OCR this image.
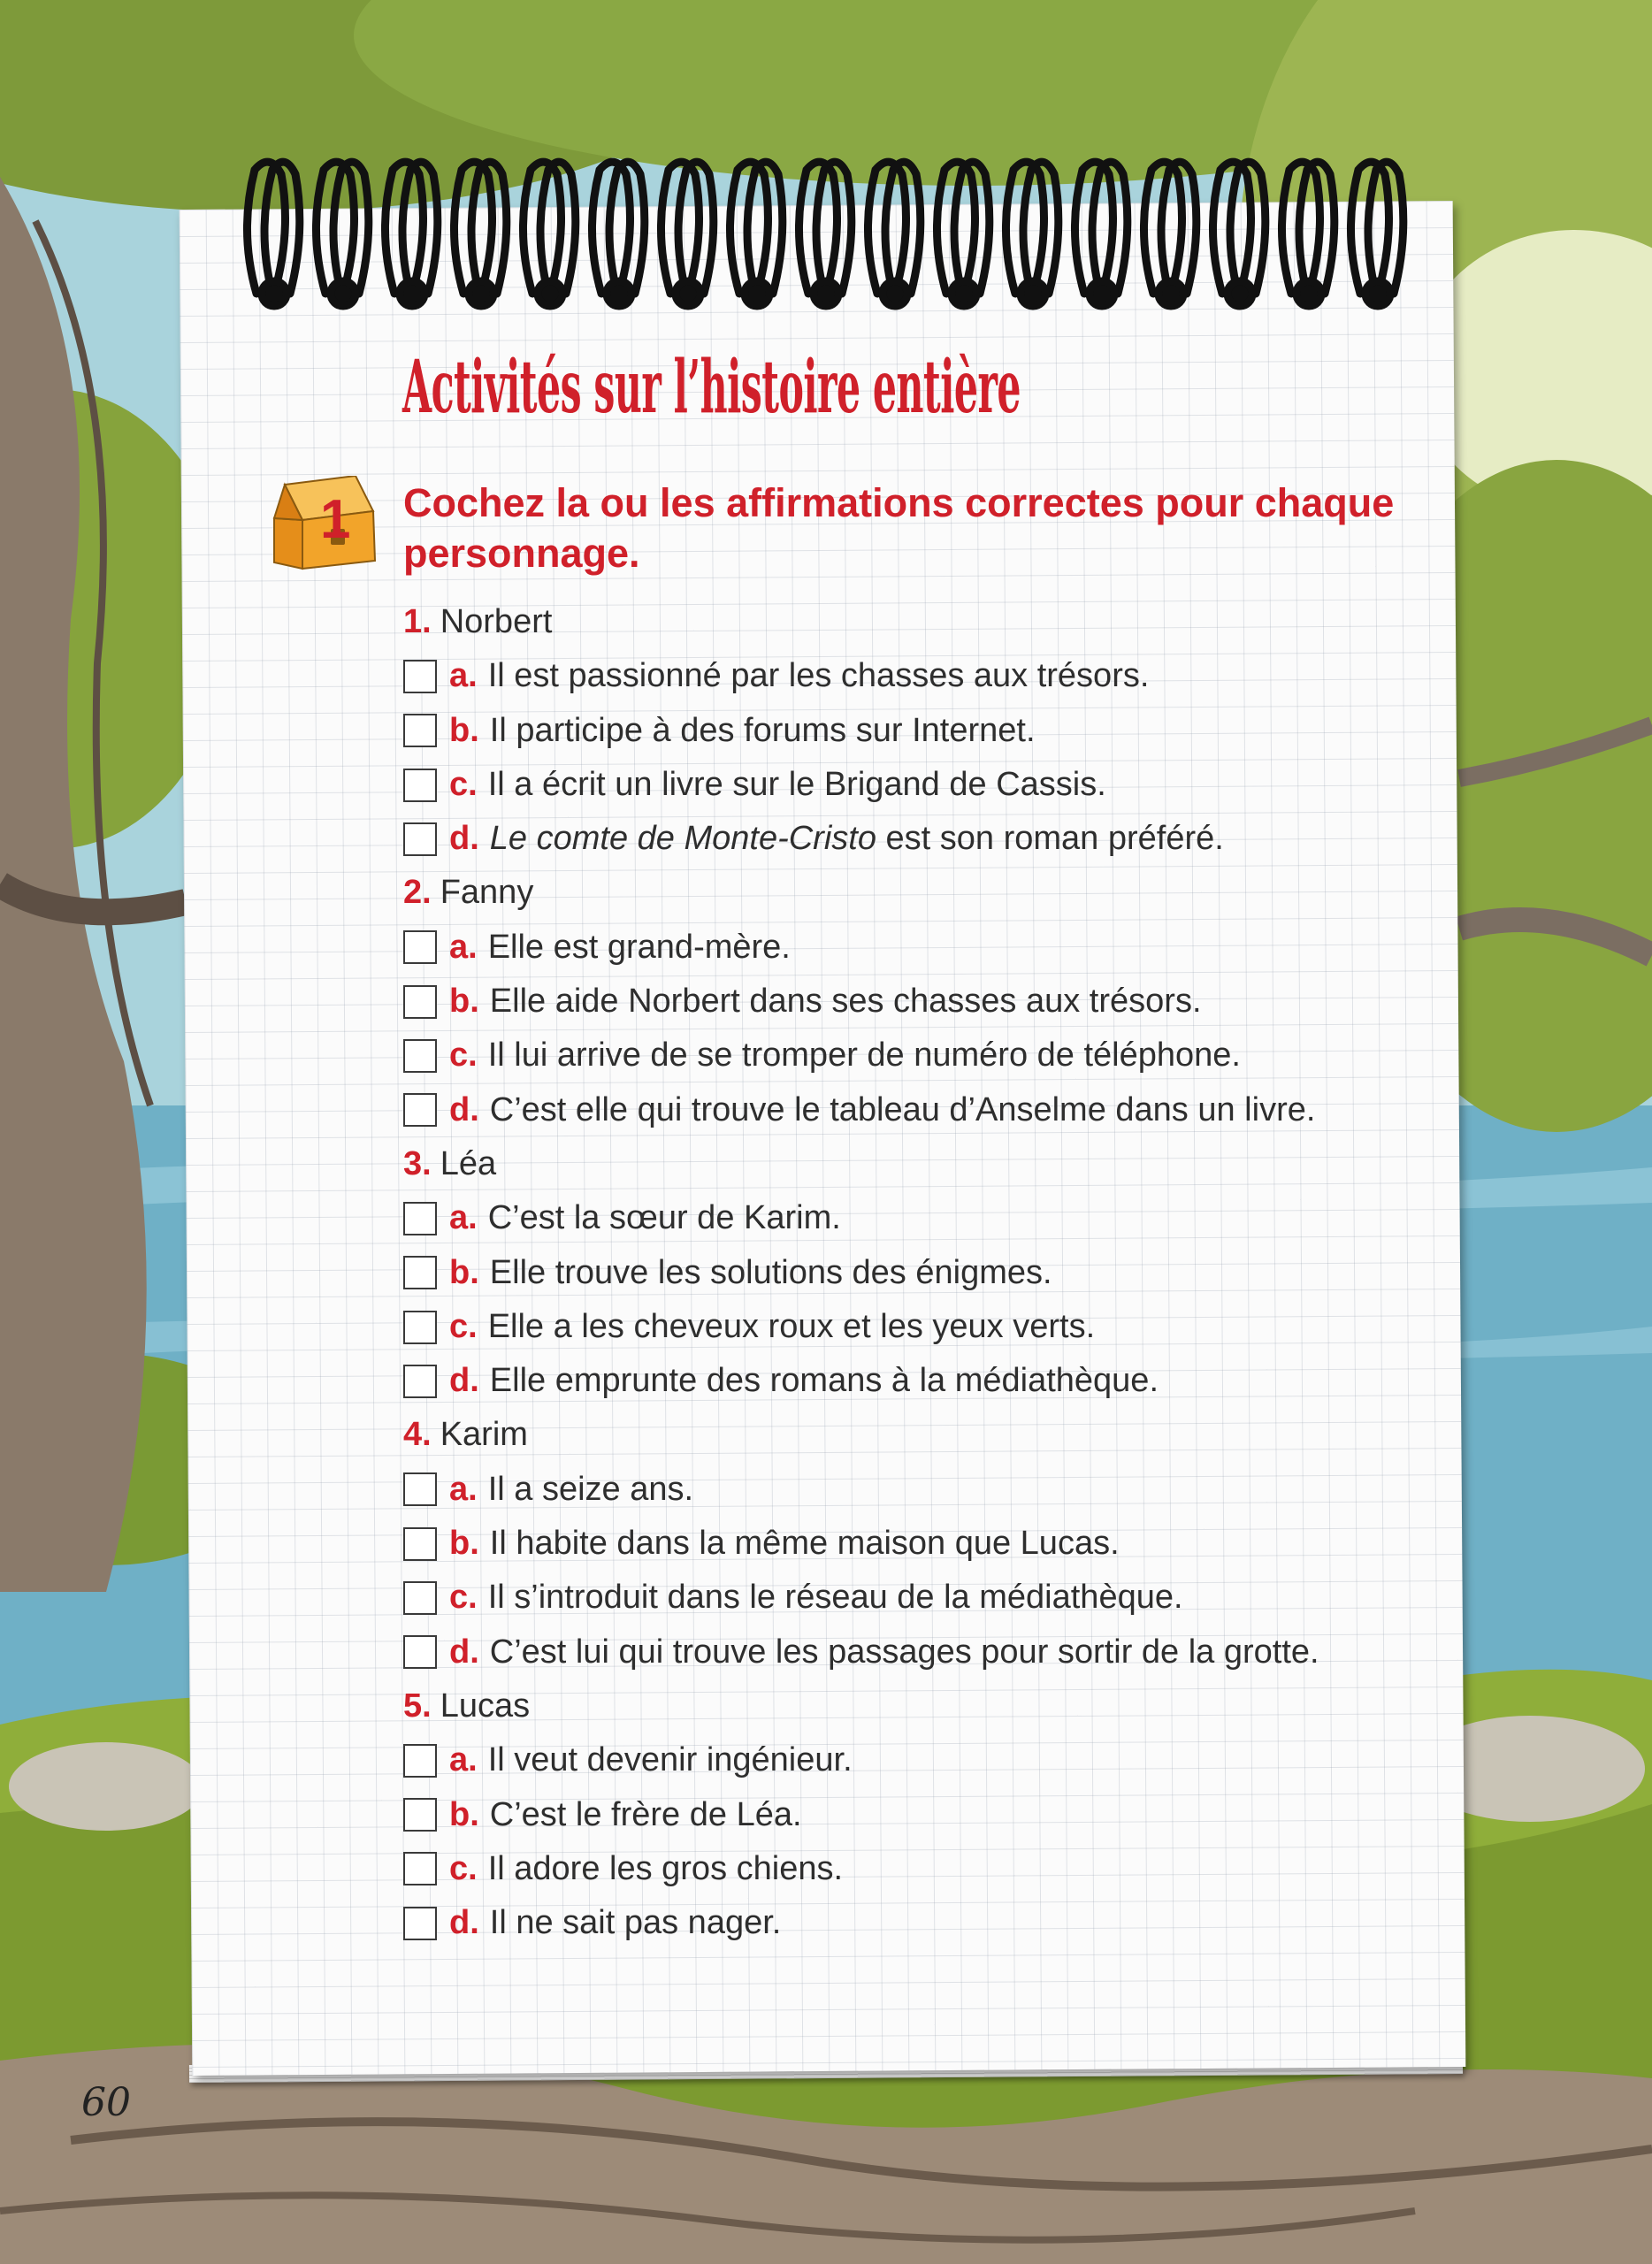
Activités sur l’histoire entière
1 Cochez la ou les affirmations correctes pour chaque personnage.

1. Norbert
a. Il est passionné par les chasses aux trésors.
b. Il participe à des forums sur Internet.
c. Il a écrit un livre sur le Brigand de Cassis.
d. Le comte de Monte-Cristo est son roman préféré.
2. Fanny
a. Elle est grand-mère.
b. Elle aide Norbert dans ses chasses aux trésors.
c. Il lui arrive de se tromper de numéro de téléphone.
d. C’est elle qui trouve le tableau d’Anselme dans un livre.
3. Léa
a. C’est la sœur de Karim.
b. Elle trouve les solutions des énigmes.
c. Elle a les cheveux roux et les yeux verts.
d. Elle emprunte des romans à la médiathèque.
4. Karim
a. Il a seize ans.
b. Il habite dans la même maison que Lucas.
c. Il s’introduit dans le réseau de la médiathèque.
d. C’est lui qui trouve les passages pour sortir de la grotte.
5. Lucas
a. Il veut devenir ingénieur.
b. C’est le frère de Léa.
c. Il adore les gros chiens.
d. Il ne sait pas nager.

60
